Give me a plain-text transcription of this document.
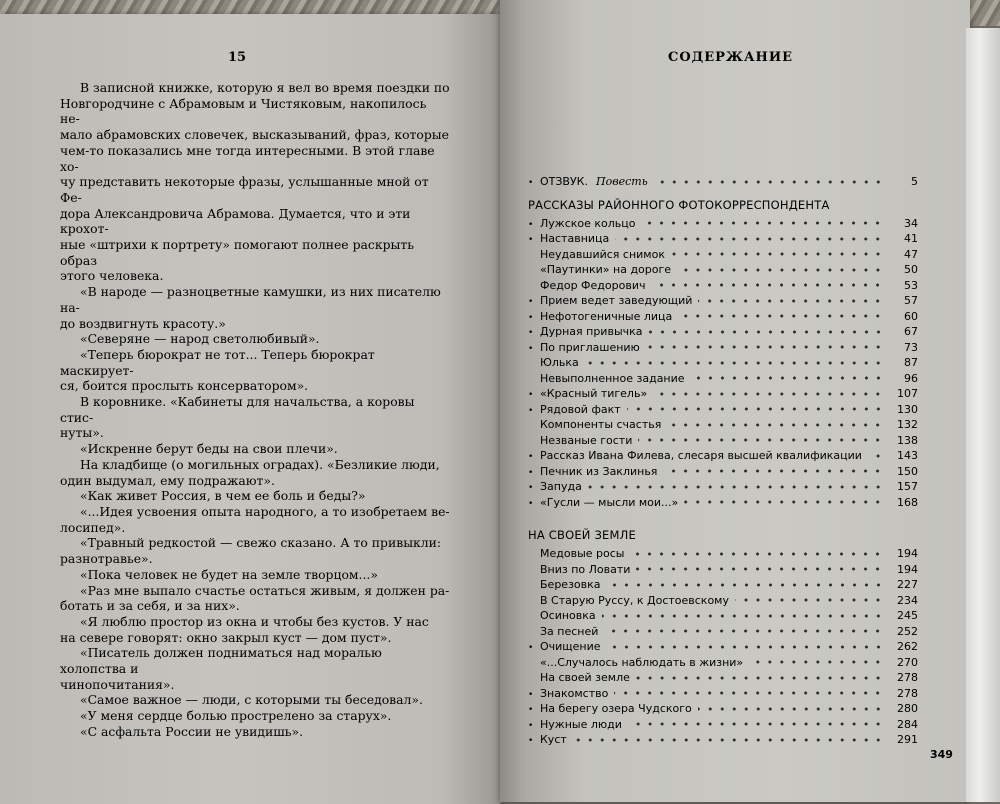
15
В записной книжке, которую я вел во время поездки по
Новгородчине с Абрамовым и Чистяковым, накопилось не-
мало абрамовских словечек, высказываний, фраз, которые
чем-то показались мне тогда интересными. В этой главе хо-
чу представить некоторые фразы, услышанные мной от Фе-
дора Александровича Абрамова. Думается, что и эти крохот-
ные «штрихи к портрету» помогают полнее раскрыть образ
этого человека.
«В народе — разноцветные камушки, из них писателю на-
до воздвигнуть красоту.»
«Северяне — народ светолюбивый».
«Теперь бюрократ не тот... Теперь бюрократ маскирует-
ся, боится прослыть консерватором».
В коровнике. «Кабинеты для начальства, а коровы стис-
нуты».
«Искренне берут беды на свои плечи».
На кладбище (о могильных оградах). «Безликие люди,
один выдумал, ему подражают».
«Как живет Россия, в чем ее боль и беды?»
«...Идея усвоения опыта народного, а то изобретаем ве-
лосипед».
«Травный редкостой — свежо сказано. А то привыкли:
разнотравье».
«Пока человек не будет на земле творцом...»
«Раз мне выпало счастье остаться живым, я должен ра-
ботать и за себя, и за них».
«Я люблю простор из окна и чтобы без кустов. У нас
на севере говорят: окно закрыл куст — дом пуст».
«Писатель должен подниматься над моралью холопства и
чинопочитания».
«Самое важное — люди, с которыми ты беседовал».
«У меня сердце болью прострелено за старух».
«С асфальта России не увидишь».
СОДЕРЖАНИЕ
• ОТЗВУК. Повесть	5
РАССКАЗЫ РАЙОННОГО ФОТОКОРРЕСПОНДЕНТА
• Лужское кольцо	34
• Наставница	41
Неудавшийся снимок	47
«Паутинки» на дороге	50
Федор Федорович	53
• Прием ведет заведующий	57
• Нефотогеничные лица	60
• Дурная привычка	67
• По приглашению	73
Юлька	87
Невыполненное задание	96
• «Красный тигель»	107
• Рядовой факт	130
Компоненты счастья	132
Незваные гости	138
• Рассказ Ивана Филева, слесаря высшей квалификации	143
• Печник из Заклинья	150
• Запуда	157
• «Гусли — мысли мои...»	168
НА СВОЕЙ ЗЕМЛЕ
Медовые росы	194
Вниз по Ловати	194
Березовка	227
В Старую Руссу, к Достоевскому	234
Осиновка	245
За песней	252
• Очищение	262
«...Случалось наблюдать в жизни»	270
На своей земле	278
• Знакомство	278
• На берегу озера Чудского	280
• Нужные люди	284
• Куст	291
349
